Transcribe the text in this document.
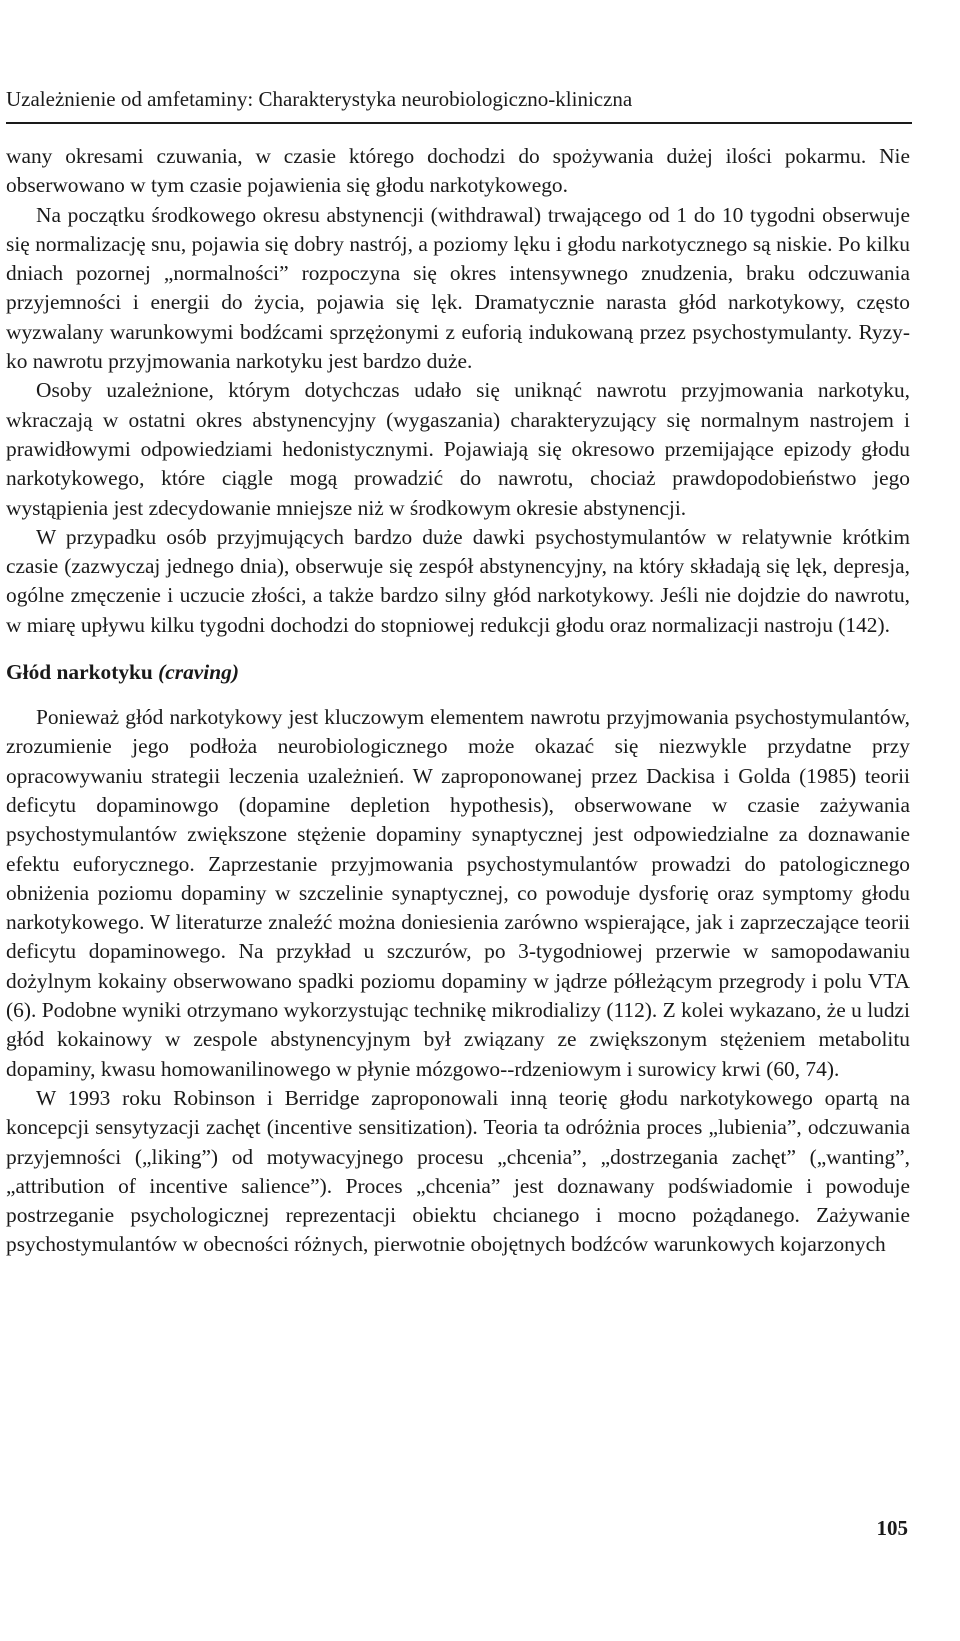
Uzależnienie od amfetaminy: Charakterystyka neurobiologiczno-kliniczna

wany okresami czuwania, w czasie którego dochodzi do spożywania dużej ilości pokarmu. Nie obserwowano w tym czasie pojawienia się głodu narkotykowego.

Na początku środkowego okresu abstynencji (withdrawal) trwającego od 1 do 10 tygodni obserwuje się normalizację snu, pojawia się dobry nastrój, a poziomy lęku i głodu narkotycznego są niskie. Po kilku dniach pozornej „normalności” rozpoczyna się okres intensywnego znudzenia, braku odczuwania przyjemności i energii do życia, pojawia się lęk. Dramatycznie narasta głód narkotykowy, często wyzwalany warunkowymi bodźcami sprzężonymi z euforią indukowaną przez psychostymulanty. Ryzyko nawrotu przyjmowania narkotyku jest bardzo duże.

Osoby uzależnione, którym dotychczas udało się uniknąć nawrotu przyjmowania narkotyku, wkraczają w ostatni okres abstynencyjny (wygaszania) charakteryzujący się normalnym nastrojem i prawidłowymi odpowiedziami hedonistycznymi. Pojawiają się okresowo przemijające epizody głodu narkotykowego, które ciągle mogą prowadzić do nawrotu, chociaż prawdopodobieństwo jego wystąpienia jest zdecydowanie mniejsze niż w środkowym okresie abstynencji.

W przypadku osób przyjmujących bardzo duże dawki psychostymulantów w relatywnie krótkim czasie (zazwyczaj jednego dnia), obserwuje się zespół abstynencyjny, na który składają się lęk, depresja, ogólne zmęczenie i uczucie złości, a także bardzo silny głód narkotykowy. Jeśli nie dojdzie do nawrotu, w miarę upływu kilku tygodni dochodzi do stopniowej redukcji głodu oraz normalizacji nastroju (142).

Głód narkotyku (craving)

Ponieważ głód narkotykowy jest kluczowym elementem nawrotu przyjmowania psychostymulantów, zrozumienie jego podłoża neurobiologicznego może okazać się niezwykle przydatne przy opracowywaniu strategii leczenia uzależnień. W zaproponowanej przez Dackisa i Golda (1985) teorii deficytu dopaminowgo (dopamine depletion hypothesis), obserwowane w czasie zażywania psychostymulantów zwiększone stężenie dopaminy synaptycznej jest odpowiedzialne za doznawanie efektu euforycznego. Zaprzestanie przyjmowania psychostymulantów prowadzi do patologicznego obniżenia poziomu dopaminy w szczelinie synaptycznej, co powoduje dysforię oraz symptomy głodu narkotykowego. W literaturze znaleźć można doniesienia zarówno wspierające, jak i zaprzeczające teorii deficytu dopaminowego. Na przykład u szczurów, po 3-tygodniowej przerwie w samopodawaniu dożylnym kokainy obserwowano spadki poziomu dopaminy w jądrze półleżącym przegrody i polu VTA (6). Podobne wyniki otrzymano wykorzystując technikę mikrodializy (112). Z kolei wykazano, że u ludzi głód kokainowy w zespole abstynencyjnym był związany ze zwiększonym stężeniem metabolitu dopaminy, kwasu homowanilinowego w płynie mózgowo--rdzeniowym i surowicy krwi (60, 74).

W 1993 roku Robinson i Berridge zaproponowali inną teorię głodu narkotykowego opartą na koncepcji sensytyzacji zachęt (incentive sensitization). Teoria ta odróżnia proces „lubienia”, odczuwania przyjemności („liking”) od motywacyjnego procesu „chcenia”, „dostrzegania zachęt” („wanting”, „attribution of incentive salience”). Proces „chcenia” jest doznawany podświadomie i powoduje postrzeganie psychologicznej reprezentacji obiektu chcianego i mocno pożądanego. Zażywanie psychostymulantów w obecności różnych, pierwotnie obojętnych bodźców warunkowych kojarzonych

105
